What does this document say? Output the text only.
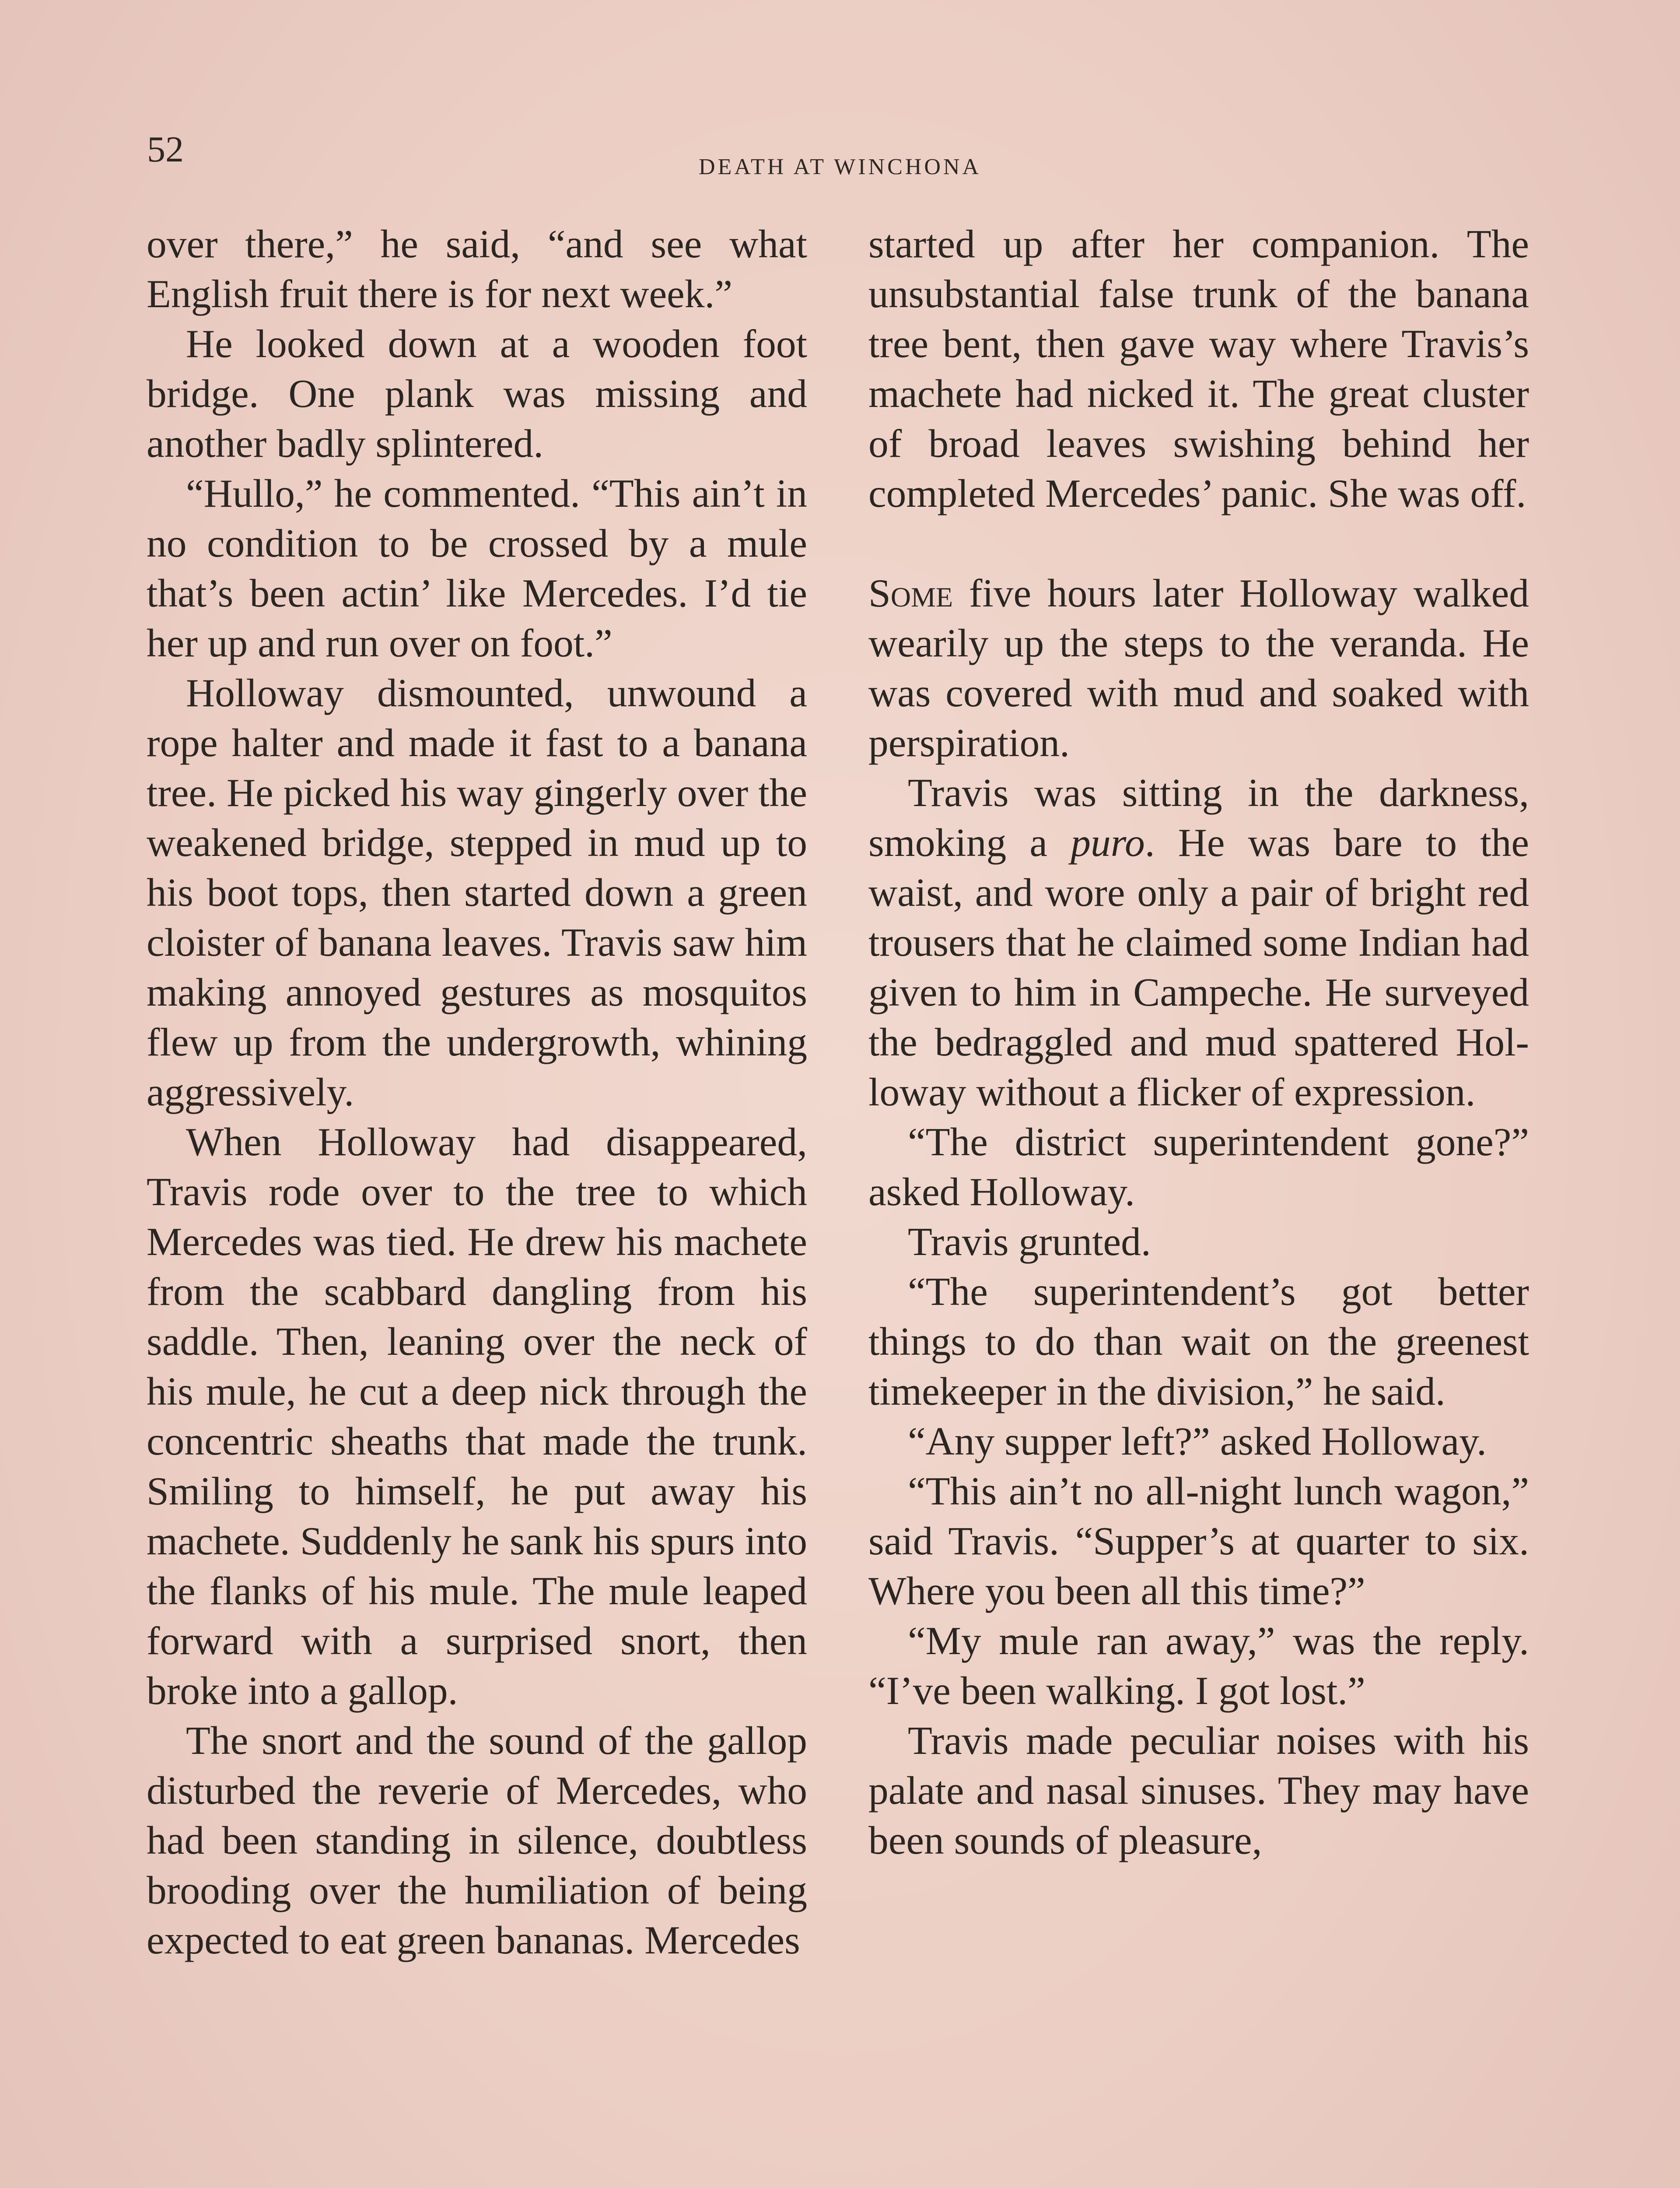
52	DEATH AT WINCHONA

over there,” he said, “and see what English fruit there is for next week.”

He looked down at a wooden foot bridge. One plank was missing and another badly splintered.

“Hullo,” he commented. “This ain’t in no condition to be crossed by a mule that’s been actin’ like Mercedes. I’d tie her up and run over on foot.”

Holloway dismounted, unwound a rope halter and made it fast to a banana tree. He picked his way gingerly over the weakened bridge, stepped in mud up to his boot tops, then started down a green cloister of banana leaves. Travis saw him making annoyed gestures as mosquitos flew up from the undergrowth, whining aggressively.

When Holloway had disappeared, Travis rode over to the tree to which Mercedes was tied. He drew his machete from the scabbard dangling from his saddle. Then, leaning over the neck of his mule, he cut a deep nick through the concentric sheaths that made the trunk. Smiling to himself, he put away his machete. Suddenly he sank his spurs into the flanks of his mule. The mule leaped forward with a surprised snort, then broke into a gallop.

The snort and the sound of the gallop disturbed the reverie of Mercedes, who had been standing in silence, doubtless brooding over the humiliation of being expected to eat green bananas. Mercedes

started up after her companion. The unsubstantial false trunk of the banana tree bent, then gave way where Travis’s machete had nicked it. The great cluster of broad leaves swishing behind her completed Mercedes’ panic. She was off.

Some five hours later Holloway walked wearily up the steps to the veranda. He was covered with mud and soaked with perspiration.

Travis was sitting in the darkness, smoking a puro. He was bare to the waist, and wore only a pair of bright red trousers that he claimed some Indian had given to him in Campeche. He surveyed the bedraggled and mud spattered Holloway without a flicker of expression.

“The district superintendent gone?” asked Holloway.

Travis grunted.

“The superintendent’s got better things to do than wait on the greenest timekeeper in the division,” he said.

“Any supper left?” asked Holloway.

“This ain’t no all-night lunch wagon,” said Travis. “Supper’s at quarter to six. Where you been all this time?”

“My mule ran away,” was the reply. “I’ve been walking. I got lost.”

Travis made peculiar noises with his palate and nasal sinuses. They may have been sounds of pleasure,
